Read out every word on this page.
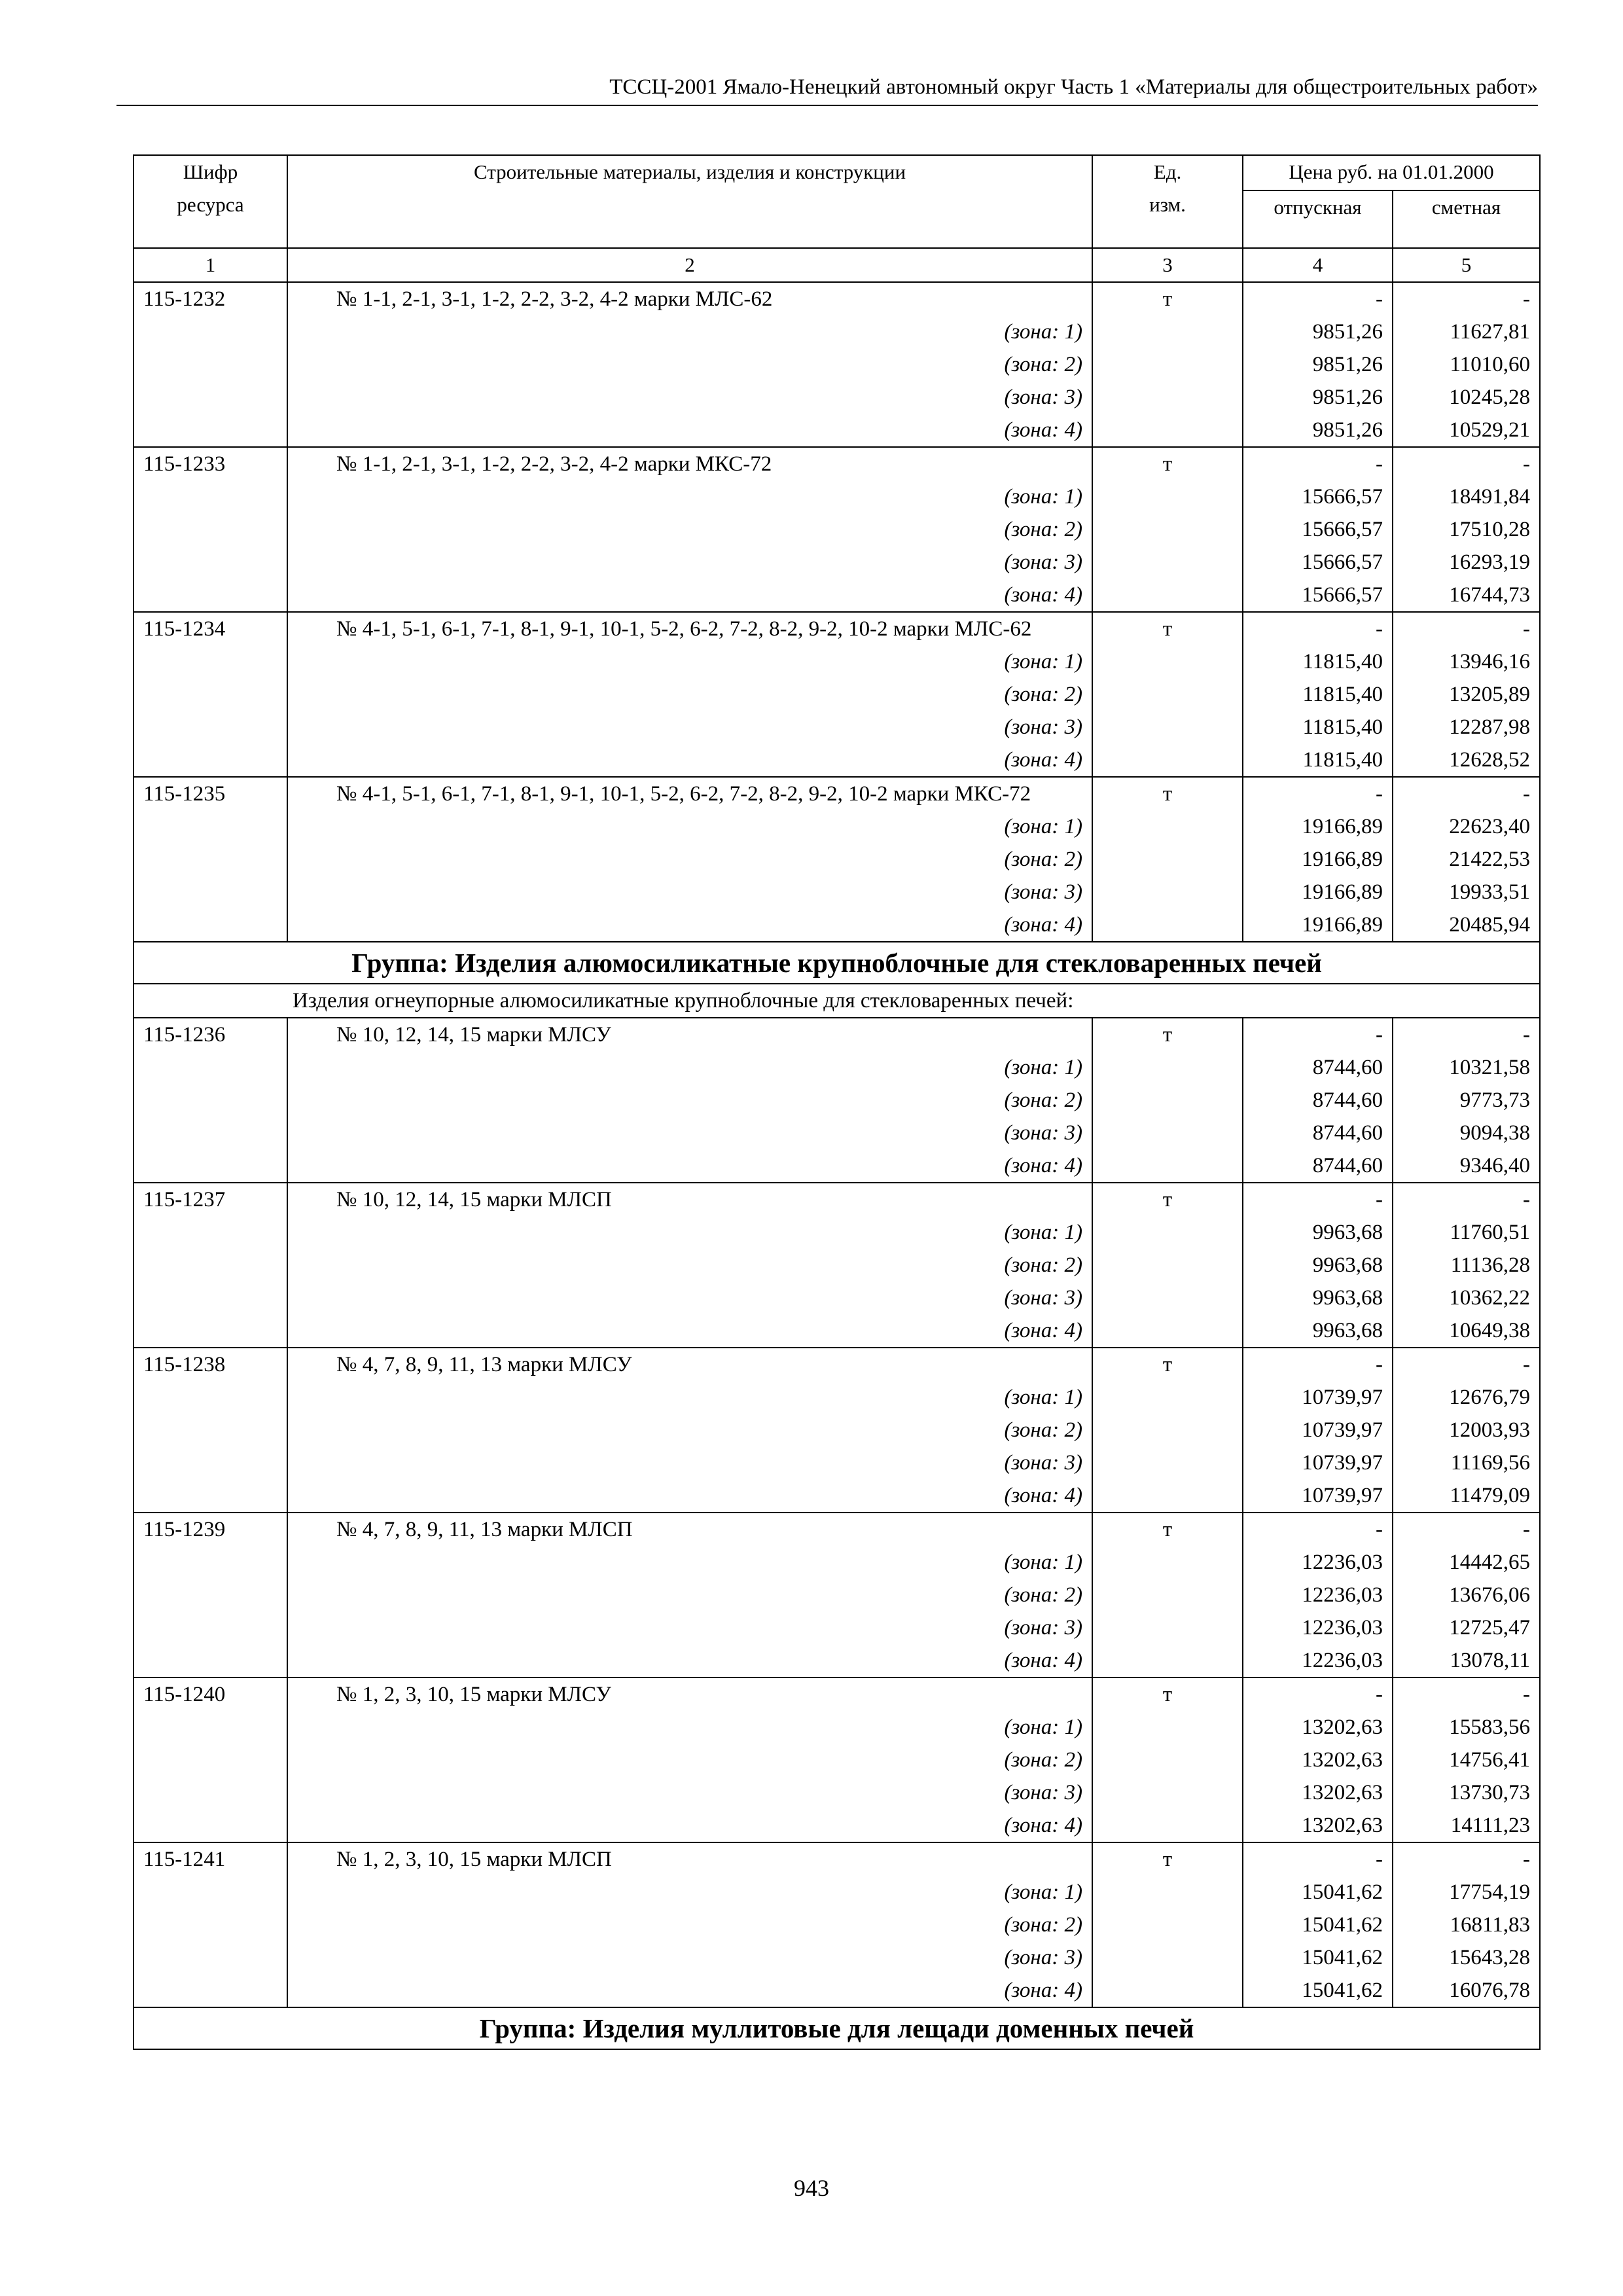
ТССЦ-2001 Ямало-Ненецкий автономный округ Часть 1 «Материалы для общестроительных работ»
Шифр ресурса	Строительные материалы, изделия и конструкции	Ед. изм.	Цена руб. на 01.01.2000	
			отпускная	сметная
1	2	3	4	5
115-1232	№ 1-1, 2-1, 3-1, 1-2, 2-2, 3-2, 4-2 марки МЛС-62	т	-	-
	(зона: 1)		9851,26	11627,81
	(зона: 2)		9851,26	11010,60
	(зона: 3)		9851,26	10245,28
	(зона: 4)		9851,26	10529,21
115-1233	№ 1-1, 2-1, 3-1, 1-2, 2-2, 3-2, 4-2 марки МКС-72	т	-	-
	(зона: 1)		15666,57	18491,84
	(зона: 2)		15666,57	17510,28
	(зона: 3)		15666,57	16293,19
	(зона: 4)		15666,57	16744,73
115-1234	№ 4-1, 5-1, 6-1, 7-1, 8-1, 9-1, 10-1, 5-2, 6-2, 7-2, 8-2, 9-2, 10-2 марки МЛС-62	т	-	-
	(зона: 1)		11815,40	13946,16
	(зона: 2)		11815,40	13205,89
	(зона: 3)		11815,40	12287,98
	(зона: 4)		11815,40	12628,52
115-1235	№ 4-1, 5-1, 6-1, 7-1, 8-1, 9-1, 10-1, 5-2, 6-2, 7-2, 8-2, 9-2, 10-2 марки МКС-72	т	-	-
	(зона: 1)		19166,89	22623,40
	(зона: 2)		19166,89	21422,53
	(зона: 3)		19166,89	19933,51
	(зона: 4)		19166,89	20485,94
Группа: Изделия алюмосиликатные крупноблочные для стекловаренных печей				
Изделия огнеупорные алюмосиликатные крупноблочные для стекловаренных печей:				
115-1236	№ 10, 12, 14, 15 марки МЛСУ	т	-	-
	(зона: 1)		8744,60	10321,58
	(зона: 2)		8744,60	9773,73
	(зона: 3)		8744,60	9094,38
	(зона: 4)		8744,60	9346,40
115-1237	№ 10, 12, 14, 15 марки МЛСП	т	-	-
	(зона: 1)		9963,68	11760,51
	(зона: 2)		9963,68	11136,28
	(зона: 3)		9963,68	10362,22
	(зона: 4)		9963,68	10649,38
115-1238	№ 4, 7, 8, 9, 11, 13 марки МЛСУ	т	-	-
	(зона: 1)		10739,97	12676,79
	(зона: 2)		10739,97	12003,93
	(зона: 3)		10739,97	11169,56
	(зона: 4)		10739,97	11479,09
115-1239	№ 4, 7, 8, 9, 11, 13 марки МЛСП	т	-	-
	(зона: 1)		12236,03	14442,65
	(зона: 2)		12236,03	13676,06
	(зона: 3)		12236,03	12725,47
	(зона: 4)		12236,03	13078,11
115-1240	№ 1, 2, 3, 10, 15 марки МЛСУ	т	-	-
	(зона: 1)		13202,63	15583,56
	(зона: 2)		13202,63	14756,41
	(зона: 3)		13202,63	13730,73
	(зона: 4)		13202,63	14111,23
115-1241	№ 1, 2, 3, 10, 15 марки МЛСП	т	-	-
	(зона: 1)		15041,62	17754,19
	(зона: 2)		15041,62	16811,83
	(зона: 3)		15041,62	15643,28
	(зона: 4)		15041,62	16076,78
Группа: Изделия муллитовые для лещади доменных печей				
943
